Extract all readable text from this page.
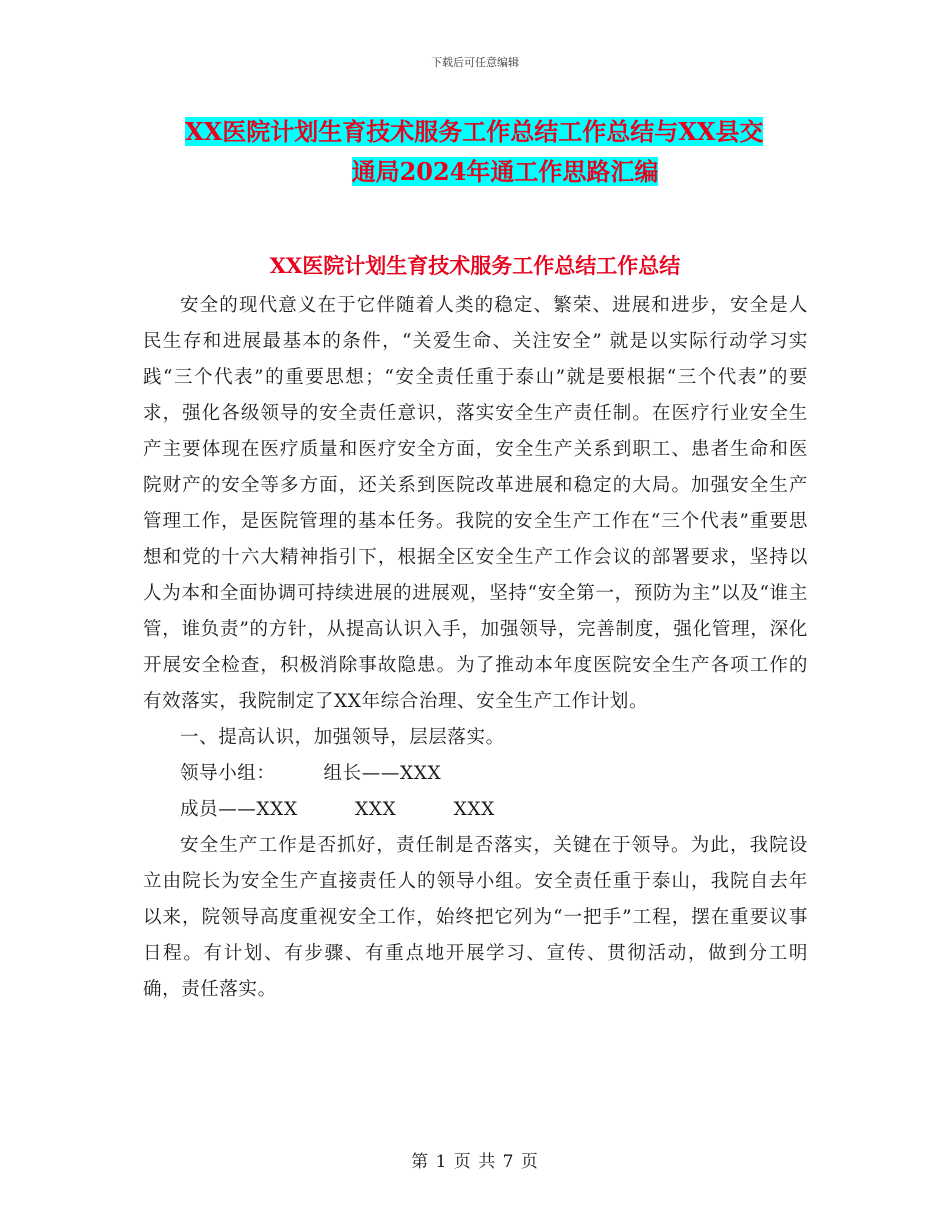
下载后可任意编辑
XX医院计划生育技术服务工作总结工作总结与XX县交
通局2024年通工作思路汇编
XX医院计划生育技术服务工作总结工作总结

安全的现代意义在于它伴随着人类的稳定、繁荣、进展和进步，安全是人民生存和进展最基本的条件，“关爱生命、关注安全” 就是以实际行动学习实践“三个代表”的重要思想；“安全责任重于泰山”就是要根据“三个代表”的要求，强化各级领导的安全责任意识，落实安全生产责任制。在医疗行业安全生产主要体现在医疗质量和医疗安全方面，安全生产关系到职工、患者生命和医院财产的安全等多方面，还关系到医院改革进展和稳定的大局。加强安全生产管理工作，是医院管理的基本任务。我院的安全生产工作在“三个代表”重要思想和党的十六大精神指引下，根据全区安全生产工作会议的部署要求，坚持以人为本和全面协调可持续进展的进展观，坚持“安全第一，预防为主”以及“谁主管，谁负责”的方针，从提高认识入手，加强领导，完善制度，强化管理，深化开展安全检查，积极消除事故隐患。为了推动本年度医院安全生产各项工作的有效落实，我院制定了XX年综合治理、安全生产工作计划。

一、提高认识，加强领导，层层落实。

领导小组：　　　组长——XXX

成员——XXX　　　XXX　　　XXX

安全生产工作是否抓好，责任制是否落实，关键在于领导。为此，我院设立由院长为安全生产直接责任人的领导小组。安全责任重于泰山，我院自去年以来，院领导高度重视安全工作，始终把它列为“一把手”工程，摆在重要议事日程。有计划、有步骤、有重点地开展学习、宣传、贯彻活动，做到分工明确，责任落实。

第 1 页 共 7 页
